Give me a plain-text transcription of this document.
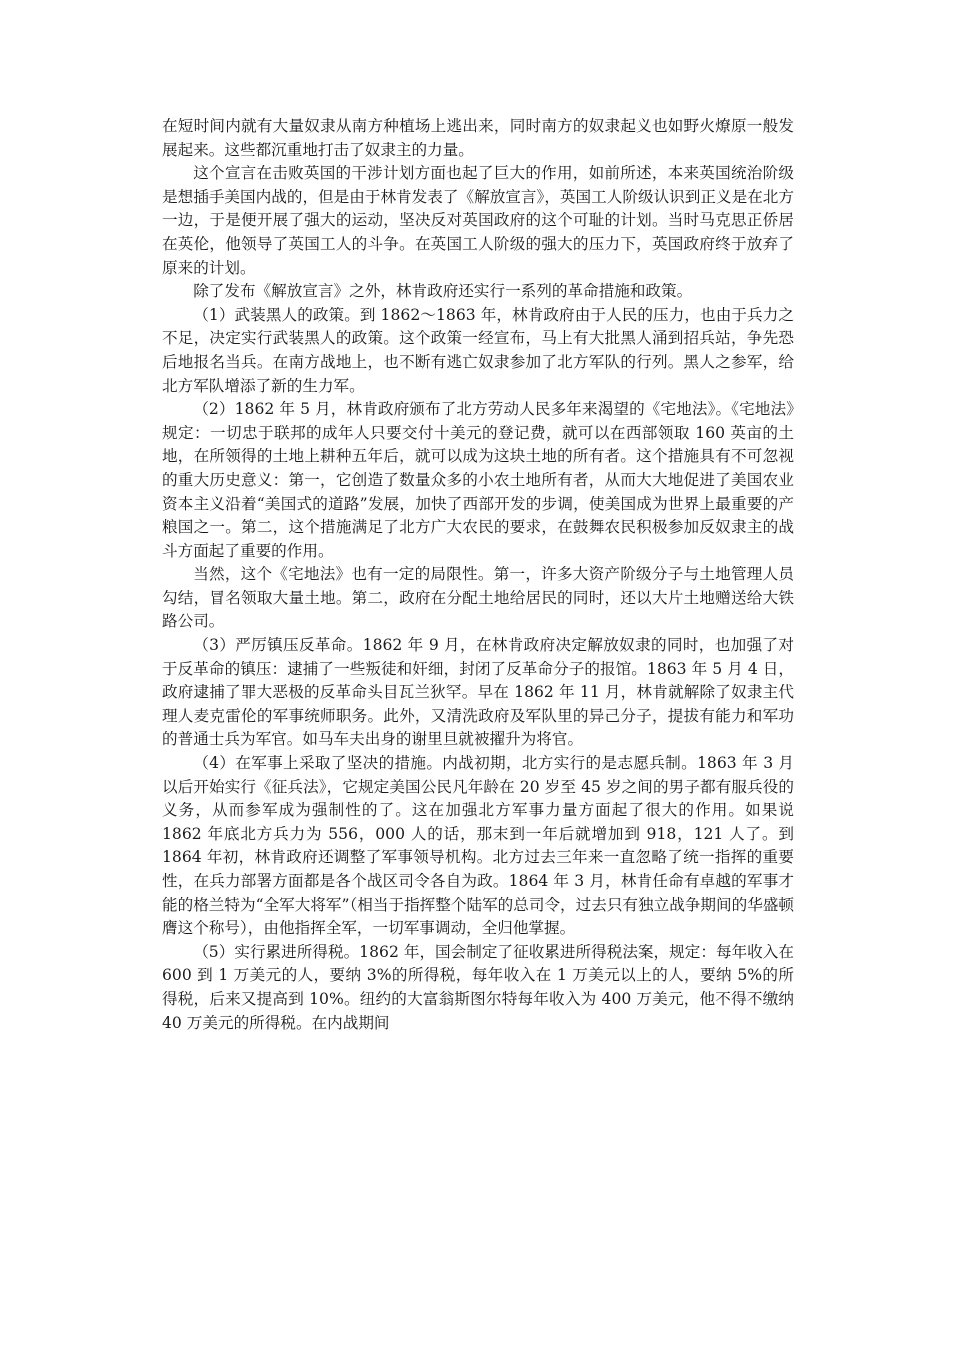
在短时间内就有大量奴隶从南方种植场上逃出来，同时南方的奴隶起义也如野火燎原一般发展起来。这些都沉重地打击了奴隶主的力量。

这个宣言在击败英国的干涉计划方面也起了巨大的作用，如前所述，本来英国统治阶级是想插手美国内战的，但是由于林肯发表了《解放宣言》，英国工人阶级认识到正义是在北方一边，于是便开展了强大的运动，坚决反对英国政府的这个可耻的计划。当时马克思正侨居在英伦，他领导了英国工人的斗争。在英国工人阶级的强大的压力下，英国政府终于放弃了原来的计划。

除了发布《解放宣言》之外，林肯政府还实行一系列的革命措施和政策。

（1）武装黑人的政策。到 1862～1863 年，林肯政府由于人民的压力，也由于兵力之不足，决定实行武装黑人的政策。这个政策一经宣布，马上有大批黑人涌到招兵站，争先恐后地报名当兵。在南方战地上，也不断有逃亡奴隶参加了北方军队的行列。黑人之参军，给北方军队增添了新的生力军。

（2）1862 年 5 月，林肯政府颁布了北方劳动人民多年来渴望的《宅地法》。《宅地法》规定：一切忠于联邦的成年人只要交付十美元的登记费，就可以在西部领取 160 英亩的土地，在所领得的土地上耕种五年后，就可以成为这块土地的所有者。这个措施具有不可忽视的重大历史意义：第一，它创造了数量众多的小农土地所有者，从而大大地促进了美国农业资本主义沿着“美国式的道路”发展，加快了西部开发的步调，使美国成为世界上最重要的产粮国之一。第二，这个措施满足了北方广大农民的要求，在鼓舞农民积极参加反奴隶主的战斗方面起了重要的作用。

当然，这个《宅地法》也有一定的局限性。第一，许多大资产阶级分子与土地管理人员勾结，冒名领取大量土地。第二，政府在分配土地给居民的同时，还以大片土地赠送给大铁路公司。

（3）严厉镇压反革命。1862 年 9 月，在林肯政府决定解放奴隶的同时，也加强了对于反革命的镇压：逮捕了一些叛徒和奸细，封闭了反革命分子的报馆。1863 年 5 月 4 日，政府逮捕了罪大恶极的反革命头目瓦兰狄罕。早在 1862 年 11 月，林肯就解除了奴隶主代理人麦克雷伦的军事统师职务。此外，又清洗政府及军队里的异己分子，提拔有能力和军功的普通士兵为军官。如马车夫出身的谢里旦就被擢升为将官。

（4）在军事上采取了坚决的措施。内战初期，北方实行的是志愿兵制。1863 年 3 月以后开始实行《征兵法》，它规定美国公民凡年龄在 20 岁至 45 岁之间的男子都有服兵役的义务，从而参军成为强制性的了。这在加强北方军事力量方面起了很大的作用。如果说 1862 年底北方兵力为 556，000 人的话，那末到一年后就增加到 918，121 人了。到 1864 年初，林肯政府还调整了军事领导机构。北方过去三年来一直忽略了统一指挥的重要性，在兵力部署方面都是各个战区司令各自为政。1864 年 3 月，林肯任命有卓越的军事才能的格兰特为“全军大将军”（相当于指挥整个陆军的总司令，过去只有独立战争期间的华盛顿膺这个称号），由他指挥全军，一切军事调动，全归他掌握。

（5）实行累进所得税。1862 年，国会制定了征收累进所得税法案，规定：每年收入在 600 到 1 万美元的人，要纳 3%的所得税，每年收入在 1 万美元以上的人，要纳 5%的所得税，后来又提高到 10%。纽约的大富翁斯图尔特每年收入为 400 万美元，他不得不缴纳 40 万美元的所得税。在内战期间
